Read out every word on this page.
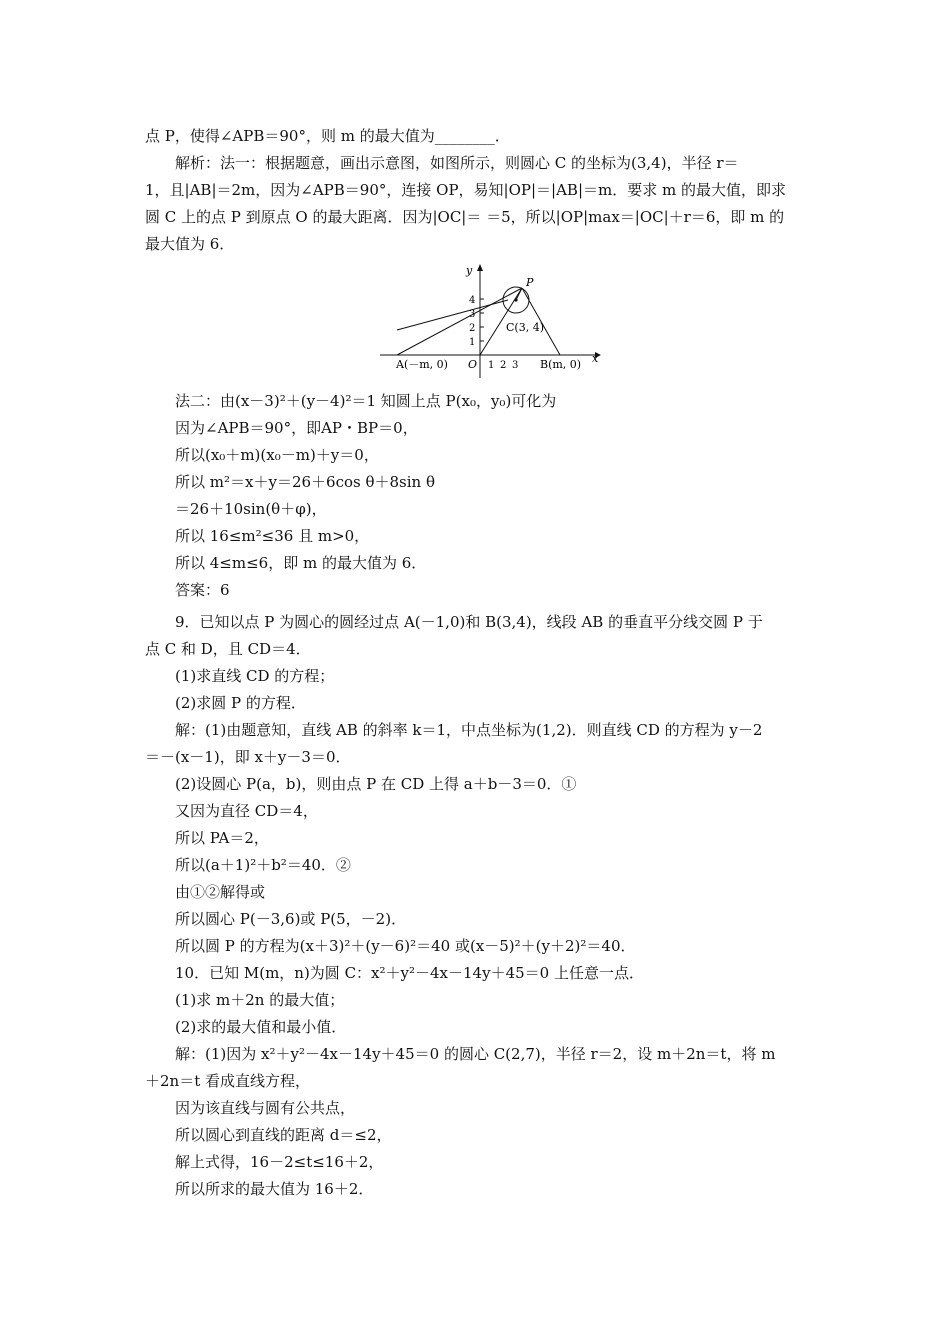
点 P，使得∠APB＝90°，则 m 的最大值为________．
解析：法一：根据题意，画出示意图，如图所示，则圆心 C 的坐标为(3,4)，半径 r＝
1，且|AB|＝2m，因为∠APB＝90°，连接 OP，易知|OP|＝|AB|＝m．要求 m 的最大值，即求
圆 C 上的点 P 到原点 O 的最大距离．因为|OC|＝ ＝5，所以|OP|max＝|OC|＋r＝6，即 m 的
最大值为 6．
y
x
O
P
C(3, 4)
A(－m, 0)	B(m, 0)
4
3
2
1
1 2 3
法二：由(x－3)²＋(y－4)²＝1 知圆上点 P(x₀，y₀)可化为
因为∠APB＝90°，即AP・BP＝0，
所以(x₀＋m)(x₀－m)＋y＝0，
所以 m²＝x＋y＝26＋6cos θ＋8sin θ
＝26＋10sin(θ＋φ)，
所以 16≤m²≤36 且 m>0，
所以 4≤m≤6，即 m 的最大值为 6．
答案：6
9．已知以点 P 为圆心的圆经过点 A(－1,0)和 B(3,4)，线段 AB 的垂直平分线交圆 P 于
点 C 和 D，且 CD＝4．
(1)求直线 CD 的方程；
(2)求圆 P 的方程．
解：(1)由题意知，直线 AB 的斜率 k＝1，中点坐标为(1,2)．则直线 CD 的方程为 y－2
＝－(x－1)，即 x＋y－3＝0．
(2)设圆心 P(a，b)，则由点 P 在 CD 上得 a＋b－3＝0．①
又因为直径 CD＝4，
所以 PA＝2，
所以(a＋1)²＋b²＝40．②
由①②解得或
所以圆心 P(－3,6)或 P(5，－2)．
所以圆 P 的方程为(x＋3)²＋(y－6)²＝40 或(x－5)²＋(y＋2)²＝40．
10．已知 M(m，n)为圆 C：x²＋y²－4x－14y＋45＝0 上任意一点．
(1)求 m＋2n 的最大值；
(2)求的最大值和最小值．
解：(1)因为 x²＋y²－4x－14y＋45＝0 的圆心 C(2,7)，半径 r＝2，设 m＋2n＝t，将 m
＋2n＝t 看成直线方程，
因为该直线与圆有公共点，
所以圆心到直线的距离 d＝≤2，
解上式得，16－2≤t≤16＋2，
所以所求的最大值为 16＋2．
